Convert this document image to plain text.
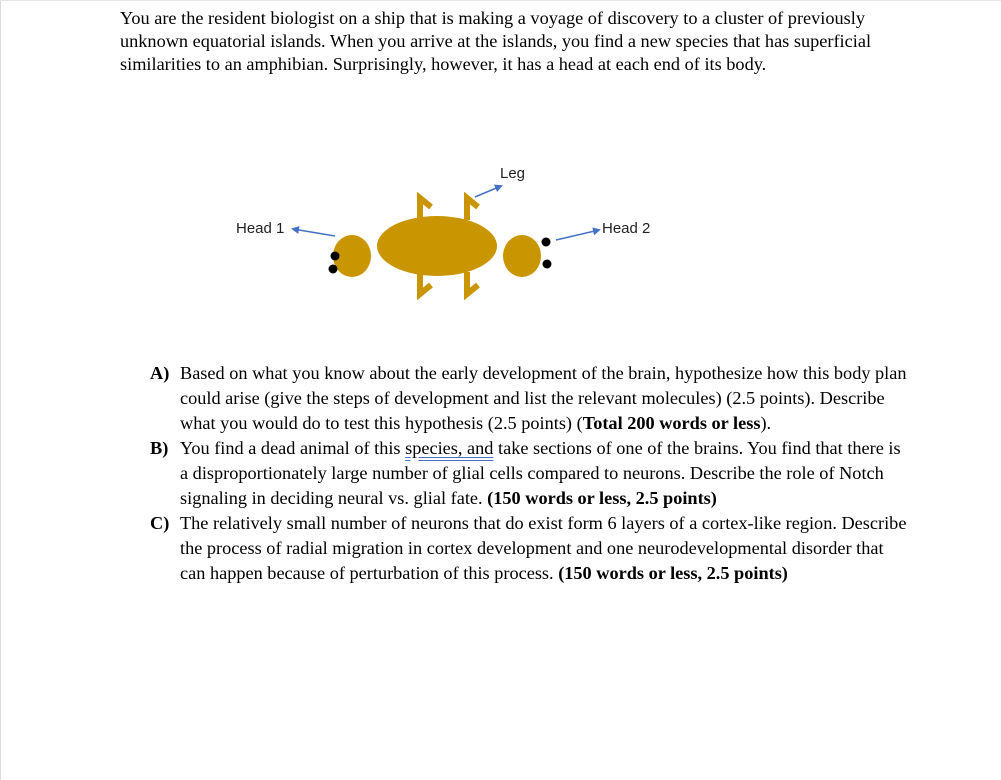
You are the resident biologist on a ship that is making a voyage of discovery to a cluster of previously unknown equatorial islands. When you arrive at the islands, you find a new species that has superficial similarities to an amphibian. Surprisingly, however, it has a head at each end of its body.

Head 1	Head 2
Leg
A) Based on what you know about the early development of the brain, hypothesize how this body plan could arise (give the steps of development and list the relevant molecules) (2.5 points). Describe what you would do to test this hypothesis (2.5 points) (Total 200 words or less).
B) You find a dead animal of this species, and take sections of one of the brains. You find that there is a disproportionately large number of glial cells compared to neurons. Describe the role of Notch signaling in deciding neural vs. glial fate. (150 words or less, 2.5 points)
C) The relatively small number of neurons that do exist form 6 layers of a cortex-like region. Describe the process of radial migration in cortex development and one neurodevelopmental disorder that can happen because of perturbation of this process. (150 words or less, 2.5 points)
